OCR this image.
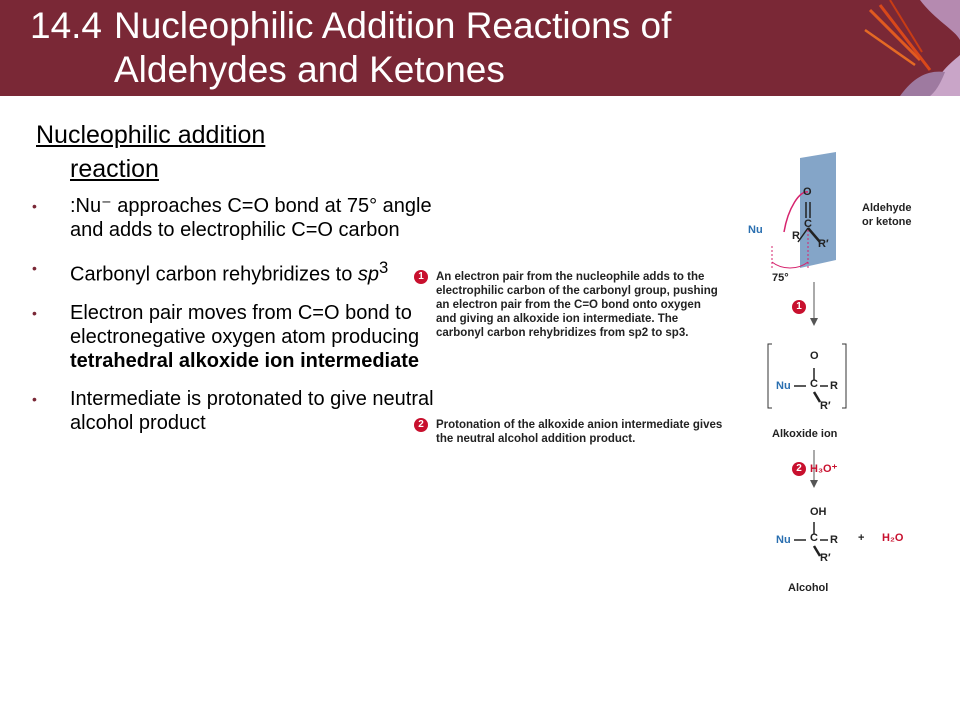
14.4 Nucleophilic Addition Reactions of
Aldehydes and Ketones
Nucleophilic addition
reaction
• :Nu⁻ approaches C=O bond at 75° angle and adds to electrophilic C=O carbon
• Carbonyl carbon rehybridizes to $sp^3$
• Electron pair moves from C=O bond to electronegative oxygen atom producing tetrahedral alkoxide ion intermediate
• Intermediate is protonated to give neutral alcohol product
1	An electron pair from the nucleophile adds to the electrophilic carbon of the carbonyl group, pushing an electron pair from the C=O bond onto oxygen and giving an alkoxide ion intermediate. The carbonyl carbon rehybridizes from sp2 to sp3.
2	Protonation of the alkoxide anion intermediate gives the neutral alcohol addition product.
O
C
R
R′
Nu
75°
Aldehyde
or ketone
1
O
Nu C R
R′
Alkoxide ion
2 H₃O⁺
OH
Nu C R
R′
+ H₂O
Alcohol
